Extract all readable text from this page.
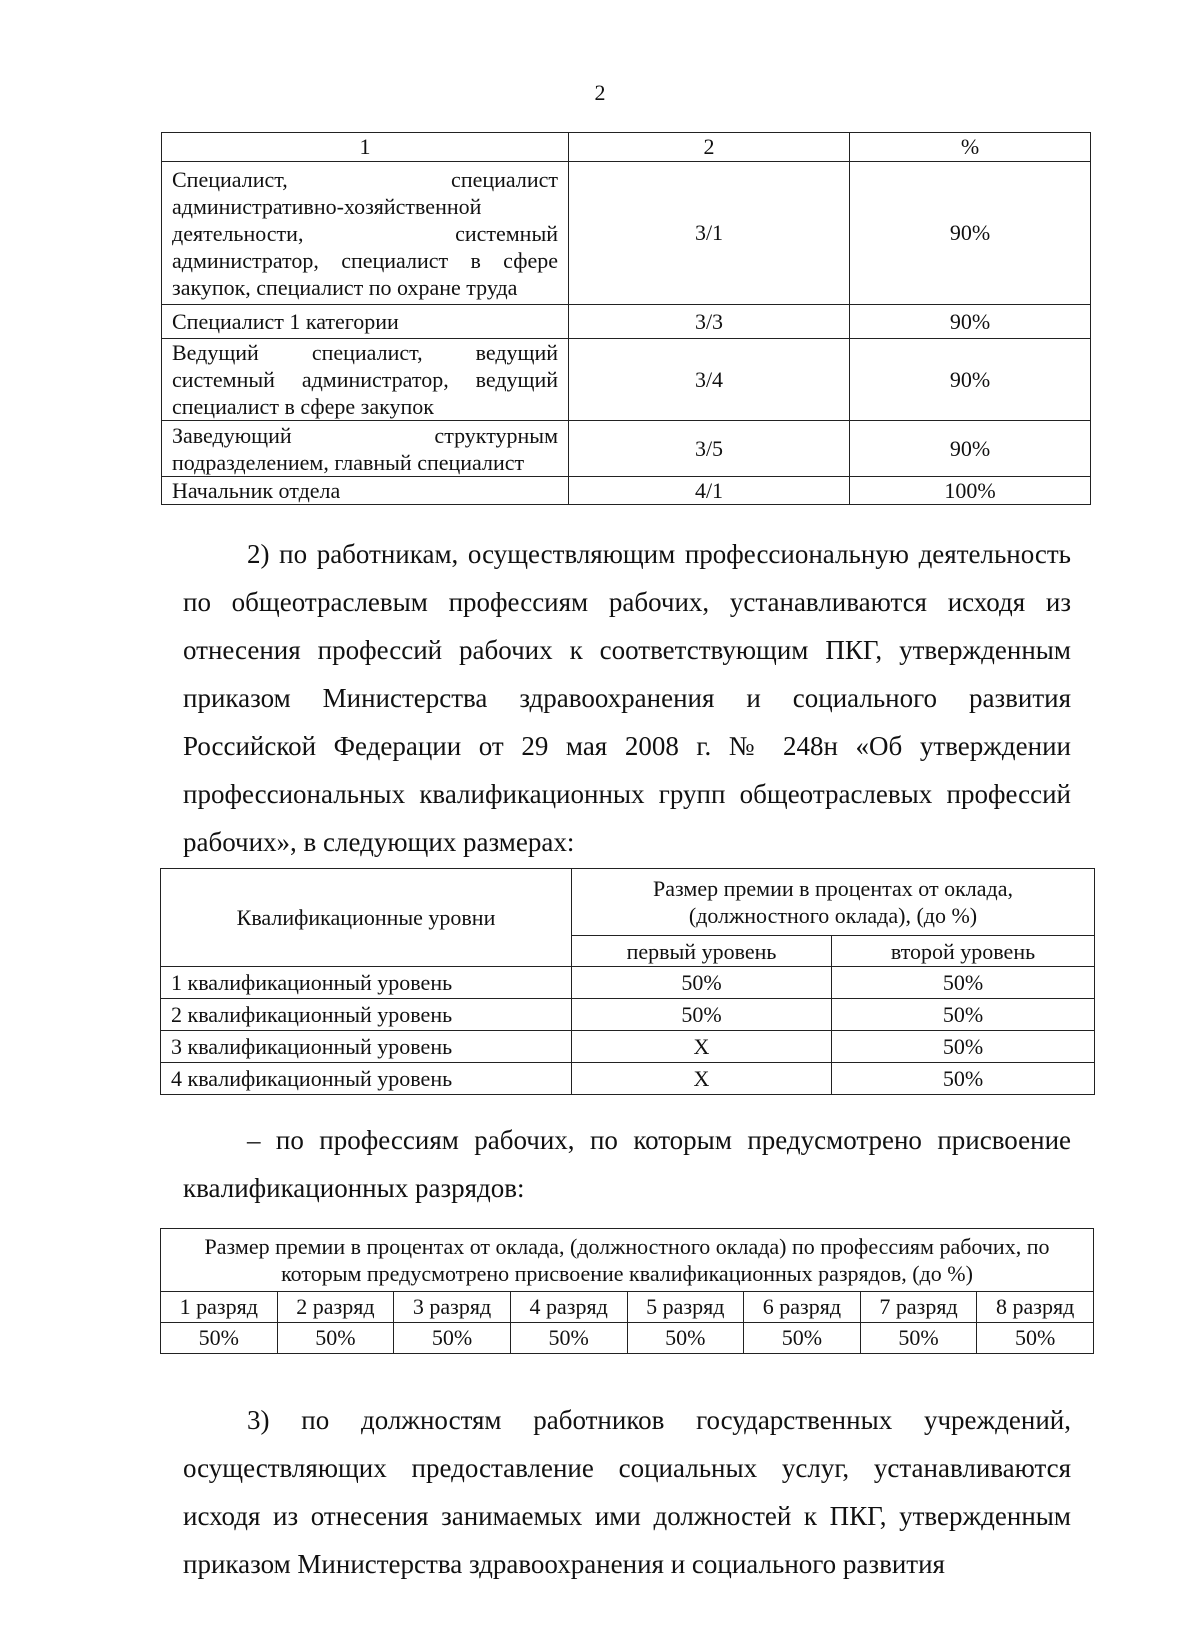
2
1	2	%
Специалист, специалист административно-хозяйственной деятельности, системный администратор, специалист в сфере закупок, специалист по охране труда	3/1	90%
Специалист 1 категории	3/3	90%
Ведущий специалист, ведущий системный администратор, ведущий специалист в сфере закупок	3/4	90%
Заведующий структурным подразделением, главный специалист	3/5	90%
Начальник отдела	4/1	100%

2) по работникам, осуществляющим профессиональную деятельность по общеотраслевым профессиям рабочих, устанавливаются исходя из отнесения профессий рабочих к соответствующим ПКГ, утвержденным приказом Министерства здравоохранения и социального развития Российской Федерации от 29 мая 2008 г. № 248н «Об утверждении профессиональных квалификационных групп общеотраслевых профессий рабочих», в следующих размерах:

Квалификационные уровни	Размер премии в процентах от оклада, (должностного оклада), (до %)	
	первый уровень	второй уровень
1 квалификационный уровень	50%	50%
2 квалификационный уровень	50%	50%
3 квалификационный уровень	Х	50%
4 квалификационный уровень	Х	50%

– по профессиям рабочих, по которым предусмотрено присвоение квалификационных разрядов:

Размер премии в процентах от оклада, (должностного оклада) по профессиям рабочих, по которым предусмотрено присвоение квалификационных разрядов, (до %)							
1 разряд	2 разряд	3 разряд	4 разряд	5 разряд	6 разряд	7 разряд	8 разряд
50%	50%	50%	50%	50%	50%	50%	50%

3) по должностям работников государственных учреждений, осуществляющих предоставление социальных услуг, устанавливаются исходя из отнесения занимаемых ими должностей к ПКГ, утвержденным приказом Министерства здравоохранения и социального развития
